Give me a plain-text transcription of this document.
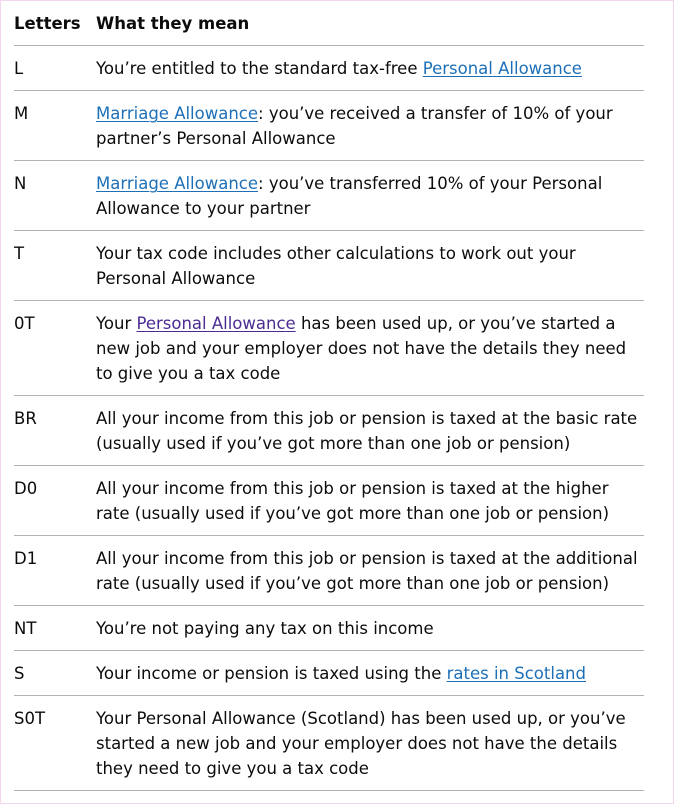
Letters	What they mean
L	You’re entitled to the standard tax-free Personal Allowance
M	Marriage Allowance: you’ve received a transfer of 10% of your partner’s Personal Allowance
N	Marriage Allowance: you’ve transferred 10% of your Personal Allowance to your partner
T	Your tax code includes other calculations to work out your Personal Allowance
0T	Your Personal Allowance has been used up, or you’ve started a new job and your employer does not have the details they need to give you a tax code
BR	All your income from this job or pension is taxed at the basic rate (usually used if you’ve got more than one job or pension)
D0	All your income from this job or pension is taxed at the higher rate (usually used if you’ve got more than one job or pension)
D1	All your income from this job or pension is taxed at the additional rate (usually used if you’ve got more than one job or pension)
NT	You’re not paying any tax on this income
S	Your income or pension is taxed using the rates in Scotland
S0T	Your Personal Allowance (Scotland) has been used up, or you’ve started a new job and your employer does not have the details they need to give you a tax code
